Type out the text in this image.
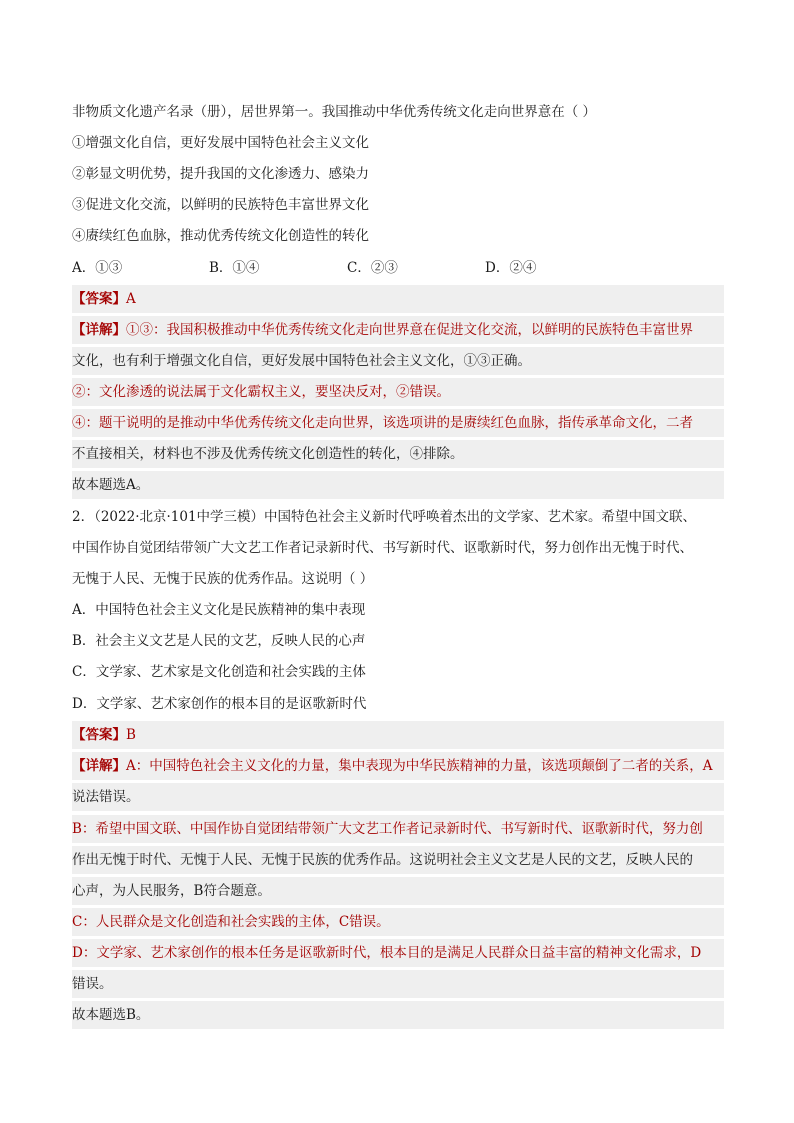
非物质文化遗产名录（册），居世界第一。我国推动中华优秀传统文化走向世界意在（ ）
①增强文化自信，更好发展中国特色社会主义文化
②彰显文明优势，提升我国的文化渗透力、感染力
③促进文化交流，以鲜明的民族特色丰富世界文化
④赓续红色血脉，推动优秀传统文化创造性的转化
A．①③	B．①④	C．②③	D．②④
【答案】A
【详解】①③：我国积极推动中华优秀传统文化走向世界意在促进文化交流，以鲜明的民族特色丰富世界
文化，也有利于增强文化自信，更好发展中国特色社会主义文化，①③正确。
②：文化渗透的说法属于文化霸权主义，要坚决反对，②错误。
④：题干说明的是推动中华优秀传统文化走向世界，该选项讲的是赓续红色血脉，指传承革命文化，二者
不直接相关，材料也不涉及优秀传统文化创造性的转化，④排除。
故本题选A。
2．（2022·北京·101中学三模）中国特色社会主义新时代呼唤着杰出的文学家、艺术家。希望中国文联、
中国作协自觉团结带领广大文艺工作者记录新时代、书写新时代、讴歌新时代，努力创作出无愧于时代、
无愧于人民、无愧于民族的优秀作品。这说明（ ）
A．中国特色社会主义文化是民族精神的集中表现
B．社会主义文艺是人民的文艺，反映人民的心声
C．文学家、艺术家是文化创造和社会实践的主体
D．文学家、艺术家创作的根本目的是讴歌新时代
【答案】B
【详解】A：中国特色社会主义文化的力量，集中表现为中华民族精神的力量，该选项颠倒了二者的关系，A
说法错误。
B：希望中国文联、中国作协自觉团结带领广大文艺工作者记录新时代、书写新时代、讴歌新时代，努力创
作出无愧于时代、无愧于人民、无愧于民族的优秀作品。这说明社会主义文艺是人民的文艺，反映人民的
心声，为人民服务，B符合题意。
C：人民群众是文化创造和社会实践的主体，C错误。
D：文学家、艺术家创作的根本任务是讴歌新时代，根本目的是满足人民群众日益丰富的精神文化需求，D
错误。
故本题选B。
